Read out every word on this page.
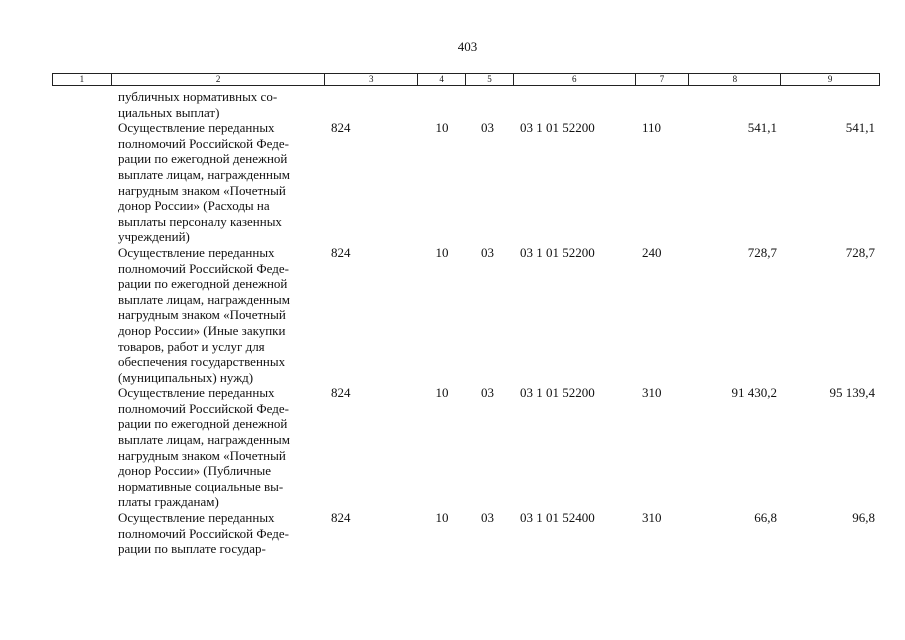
403
1	2	3	4	5	6	7	8	9
публичных нормативных со-
циальных выплат)
Осуществление переданных
полномочий Российской Феде-
рации по ежегодной денежной
выплате лицам, награжденным
нагрудным знаком «Почетный
донор России» (Расходы на
выплаты персоналу казенных
учреждений)
824	10	03	03 1 01 52200	110	541,1	541,1
Осуществление переданных
полномочий Российской Феде-
рации по ежегодной денежной
выплате лицам, награжденным
нагрудным знаком «Почетный
донор России» (Иные закупки
товаров, работ и услуг для
обеспечения государственных
(муниципальных) нужд)
824	10	03	03 1 01 52200	240	728,7	728,7
Осуществление переданных
полномочий Российской Феде-
рации по ежегодной денежной
выплате лицам, награжденным
нагрудным знаком «Почетный
донор России» (Публичные
нормативные социальные вы-
платы гражданам)
824	10	03	03 1 01 52200	310	91 430,2	95 139,4
Осуществление переданных
полномочий Российской Феде-
рации по выплате государ-
824	10	03	03 1 01 52400	310	66,8	96,8
